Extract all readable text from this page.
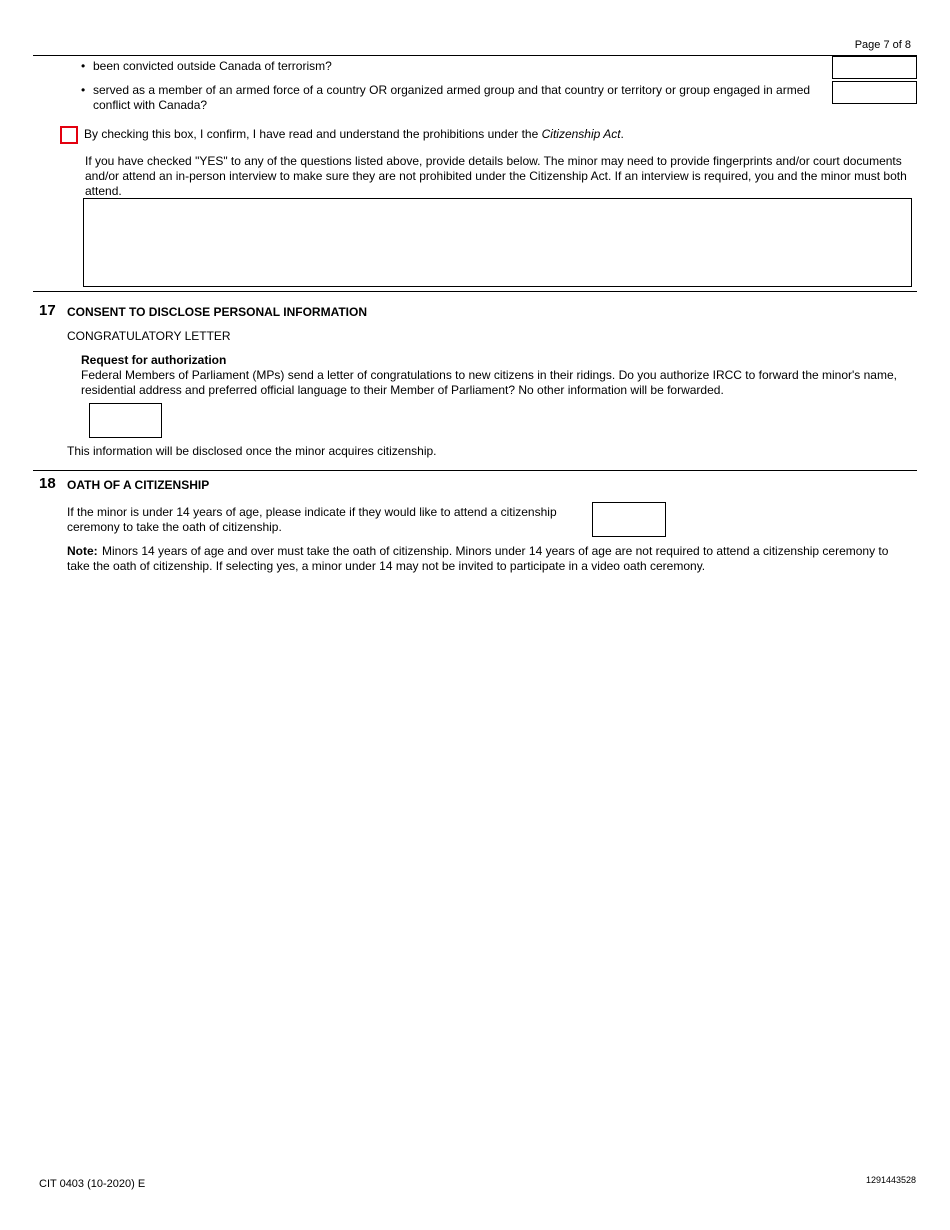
Page 7 of 8
• been convicted outside Canada of terrorism?
• served as a member of an armed force of a country OR organized armed group and that country or territory or group engaged in armed conflict with Canada?
By checking this box, I confirm, I have read and understand the prohibitions under the Citizenship Act.
If you have checked "YES" to any of the questions listed above, provide details below. The minor may need to provide fingerprints and/or court documents and/or attend an in-person interview to make sure they are not prohibited under the Citizenship Act. If an interview is required, you and the minor must both attend.
17 CONSENT TO DISCLOSE PERSONAL INFORMATION
CONGRATULATORY LETTER
Request for authorization
Federal Members of Parliament (MPs) send a letter of congratulations to new citizens in their ridings. Do you authorize IRCC to forward the minor's name, residential address and preferred official language to their Member of Parliament? No other information will be forwarded.
This information will be disclosed once the minor acquires citizenship.
18 OATH OF A CITIZENSHIP
If the minor is under 14 years of age, please indicate if they would like to attend a citizenship ceremony to take the oath of citizenship.
Note: Minors 14 years of age and over must take the oath of citizenship. Minors under 14 years of age are not required to attend a citizenship ceremony to take the oath of citizenship. If selecting yes, a minor under 14 may not be invited to participate in a video oath ceremony.
CIT 0403 (10-2020) E	1291443528
